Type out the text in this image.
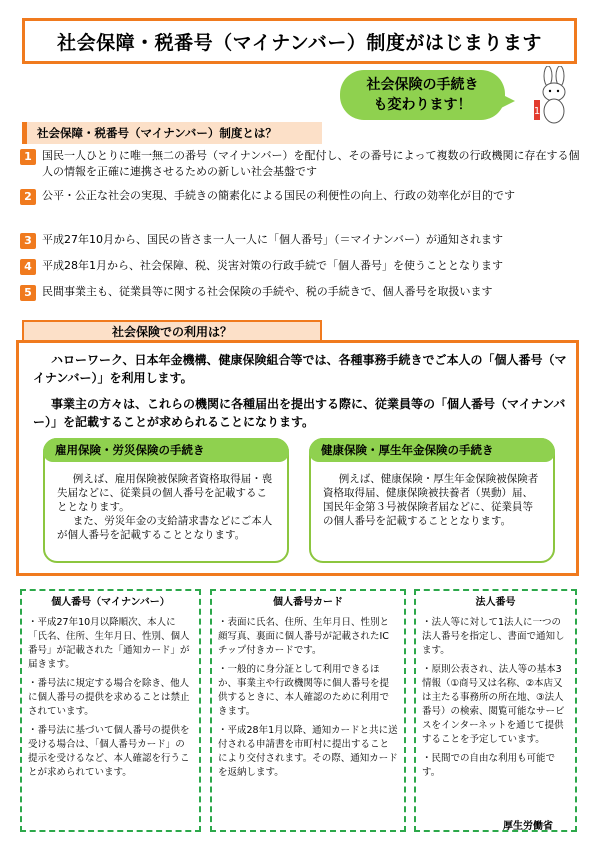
社会保障・税番号（マイナンバー）制度がはじまります
社会保険の手続き
も変わります！	1
社会保障・税番号（マイナンバー）制度とは？
1 国民一人ひとりに唯一無二の番号（マイナンバー）を配付し、その番号によって複数の行政機関に存在する個人の情報を正確に連携させるための新しい社会基盤です
2 公平・公正な社会の実現、手続きの簡素化による国民の利便性の向上、行政の効率化が目的です
3 平成27年10月から、国民の皆さま一人一人に「個人番号」（＝マイナンバー）が通知されます
4 平成28年1月から、社会保障、税、災害対策の行政手続で「個人番号」を使うこととなります
5 民間事業主も、従業員等に関する社会保険の手続や、税の手続きで、個人番号を取扱います
社会保険での利用は？
ハローワーク、日本年金機構、健康保険組合等では、各種事務手続きでご本人の「個人番号（マイナンバー）」を利用します。
事業主の方々は、これらの機関に各種届出を提出する際に、従業員等の「個人番号（マイナンバー）」を記載することが求められることになります。
雇用保険・労災保険の手続き
例えば、雇用保険被保険者資格取得届・喪失届などに、従業員の個人番号を記載することとなります。
また、労災年金の支給請求書などにご本人が個人番号を記載することとなります。
健康保険・厚生年金保険の手続き
例えば、健康保険・厚生年金保険被保険者資格取得届、健康保険被扶養者（異動）届、国民年金第３号被保険者届などに、従業員等の個人番号を記載することとなります。
個人番号（マイナンバー）

・平成27年10月以降順次、本人に「氏名、住所、生年月日、性別、個人番号」が記載された「通知カード」が届きます。

・番号法に規定する場合を除き、他人に個人番号の提供を求めることは禁止されています。

・番号法に基づいて個人番号の提供を受ける場合は、「個人番号カード」の提示を受けるなど、本人確認を行うことが求められています。

個人番号カード

・表面に氏名、住所、生年月日、性別と顔写真、裏面に個人番号が記載されたICチップ付きカードです。

・一般的に身分証として利用できるほか、事業主や行政機関等に個人番号を提供するときに、本人確認のために利用できます。

・平成28年1月以降、通知カードと共に送付される申請書を市町村に提出することにより交付されます。その際、通知カードを返納します。

法人番号

・法人等に対して1法人に一つの法人番号を指定し、書面で通知します。

・原則公表され、法人等の基本3情報（①商号又は名称、②本店又は主たる事務所の所在地、③法人番号）の検索、閲覧可能なサービスをインターネットを通じて提供することを予定しています。

・民間での自由な利用も可能です。

厚生労働省
